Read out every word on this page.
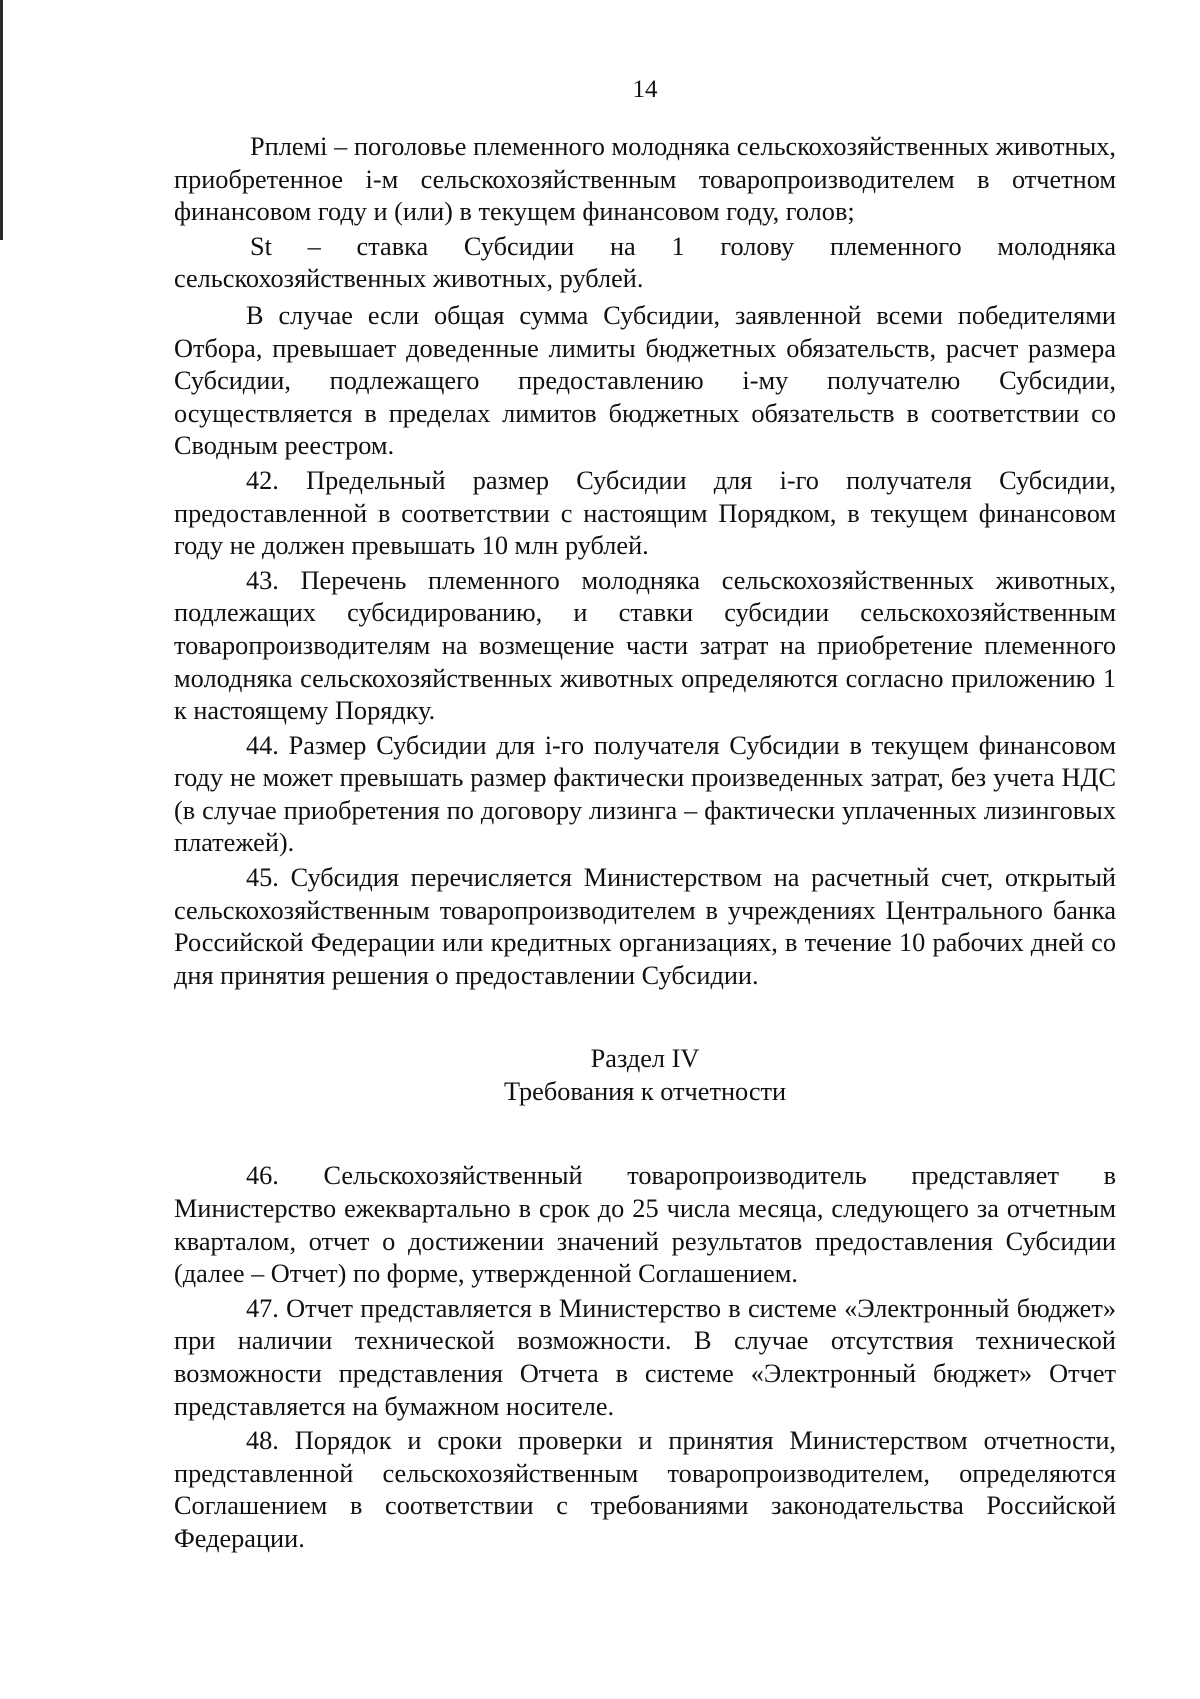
14

Рплемi – поголовье племенного молодняка сельскохозяйственных животных, приобретенное i-м сельскохозяйственным товаропроизводителем в отчетном финансовом году и (или) в текущем финансовом году, голов;

St – ставка Субсидии на 1 голову племенного молодняка сельскохозяйственных животных, рублей.

В случае если общая сумма Субсидии, заявленной всеми победителями Отбора, превышает доведенные лимиты бюджетных обязательств, расчет размера Субсидии, подлежащего предоставлению i-му получателю Субсидии, осуществляется в пределах лимитов бюджетных обязательств в соответствии со Сводным реестром.

42. Предельный размер Субсидии для i-го получателя Субсидии, предоставленной в соответствии с настоящим Порядком, в текущем финансовом году не должен превышать 10 млн рублей.

43. Перечень племенного молодняка сельскохозяйственных животных, подлежащих субсидированию, и ставки субсидии сельскохозяйственным товаропроизводителям на возмещение части затрат на приобретение племенного молодняка сельскохозяйственных животных определяются согласно приложению 1 к настоящему Порядку.

44. Размер Субсидии для i-го получателя Субсидии в текущем финансовом году не может превышать размер фактически произведенных затрат, без учета НДС (в случае приобретения по договору лизинга – фактически уплаченных лизинговых платежей).

45. Субсидия перечисляется Министерством на расчетный счет, открытый сельскохозяйственным товаропроизводителем в учреждениях Центрального банка Российской Федерации или кредитных организациях, в течение 10 рабочих дней со дня принятия решения о предоставлении Субсидии.

Раздел IV
Требования к отчетности

46. Сельскохозяйственный товаропроизводитель представляет в Министерство ежеквартально в срок до 25 числа месяца, следующего за отчетным кварталом, отчет о достижении значений результатов предоставления Субсидии (далее – Отчет) по форме, утвержденной Соглашением.

47. Отчет представляется в Министерство в системе «Электронный бюджет» при наличии технической возможности. В случае отсутствия технической возможности представления Отчета в системе «Электронный бюджет» Отчет представляется на бумажном носителе.

48. Порядок и сроки проверки и принятия Министерством отчетности, представленной сельскохозяйственным товаропроизводителем, определяются Соглашением в соответствии с требованиями законодательства Российской Федерации.
